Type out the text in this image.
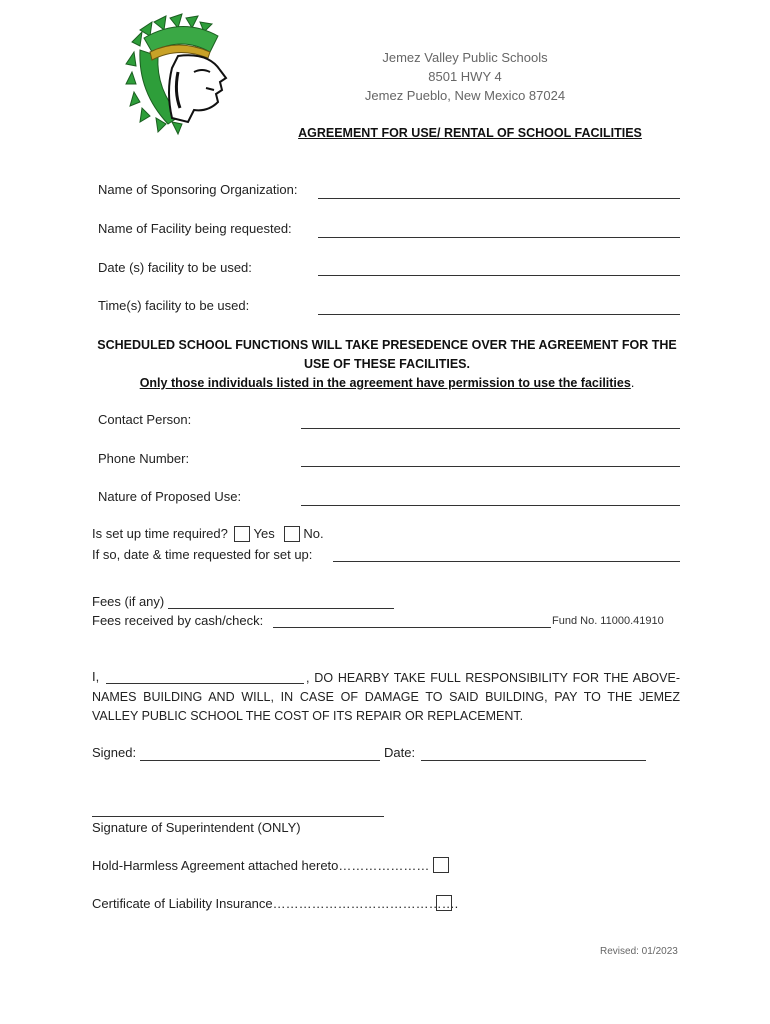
Jemez Valley Public Schools
8501 HWY 4
Jemez Pueblo, New Mexico 87024
AGREEMENT FOR USE/ RENTAL OF SCHOOL FACILITIES
Name of Sponsoring Organization:
Name of Facility being requested:
Date (s) facility to be used:
Time(s) facility to be used:
SCHEDULED SCHOOL FUNCTIONS WILL TAKE PRESEDENCE OVER THE AGREEMENT FOR THE
USE OF THESE FACILITIES.
Only those individuals listed in the agreement have permission to use the facilities.
Contact Person:
Phone Number:
Nature of Proposed Use:
Is set up time required? Yes No.
If so, date & time requested for set up:
Fees (if any)
Fees received by cash/check:	Fund No. 11000.41910
I,	, DO HEARBY TAKE FULL RESPONSIBILITY FOR THE ABOVE-NAMES BUILDING AND WILL, IN CASE OF DAMAGE TO SAID BUILDING, PAY TO THE JEMEZ VALLEY PUBLIC SCHOOL THE COST OF ITS REPAIR OR REPLACEMENT.
Signed:	Date:
Signature of Superintendent (ONLY)
Hold-Harmless Agreement attached hereto…………………
Certificate of Liability Insurance…………………………………….
Revised: 01/2023
